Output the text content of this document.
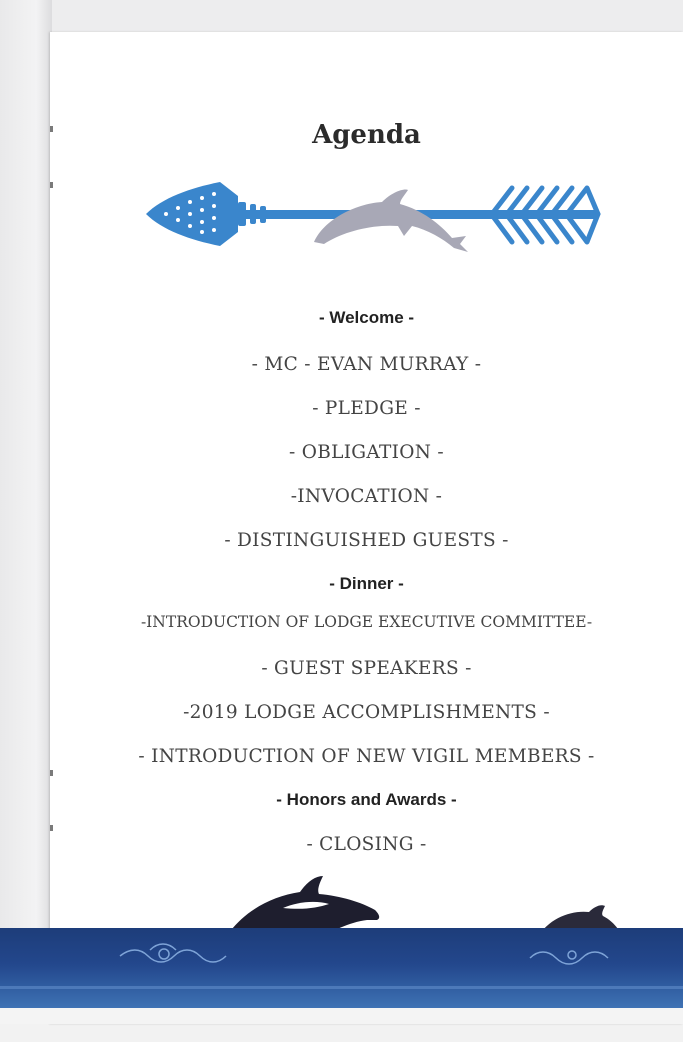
Agenda
- Welcome -
- MC - EVAN MURRAY -
- PLEDGE -
- OBLIGATION -
-INVOCATION -
- DISTINGUISHED GUESTS -
- Dinner -
-INTRODUCTION OF LODGE EXECUTIVE COMMITTEE-
- GUEST SPEAKERS -
-2019 LODGE ACCOMPLISHMENTS -
- INTRODUCTION OF NEW VIGIL MEMBERS -
- Honors and Awards -
- CLOSING -
